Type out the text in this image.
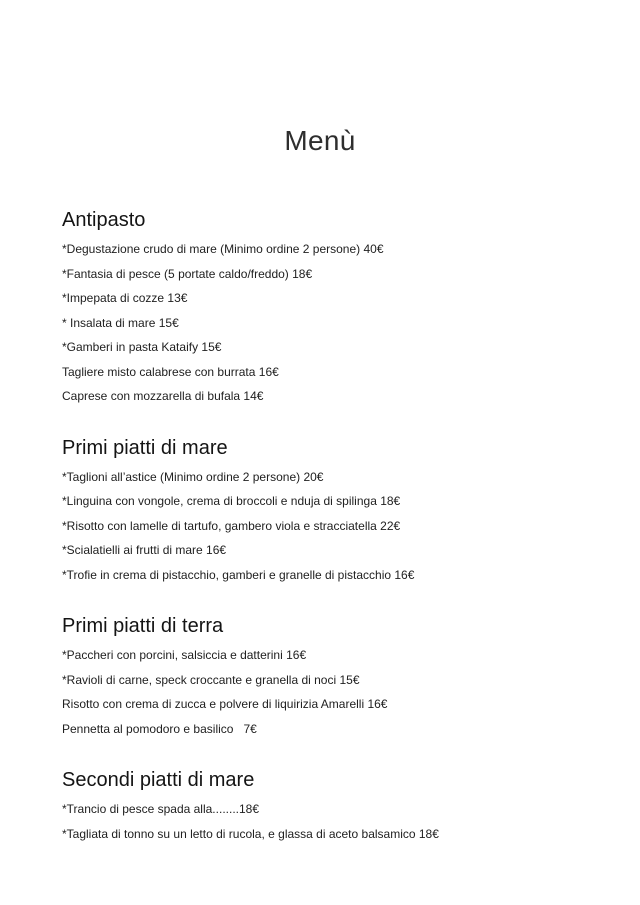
Menù
Antipasto

*Degustazione crudo di mare (Minimo ordine 2 persone) 40€

*Fantasia di pesce (5 portate caldo/freddo) 18€

*Impepata di cozze 13€

* Insalata di mare 15€

*Gamberi in pasta Kataify 15€

Tagliere misto calabrese con burrata 16€

Caprese con mozzarella di bufala 14€

Primi piatti di mare

*Taglioni all’astice (Minimo ordine 2 persone) 20€

*Linguina con vongole, crema di broccoli e nduja di spilinga 18€

*Risotto con lamelle di tartufo, gambero viola e stracciatella 22€

*Scialatielli ai frutti di mare 16€

*Trofie in crema di pistacchio, gamberi e granelle di pistacchio 16€

Primi piatti di terra

*Paccheri con porcini, salsiccia e datterini 16€

*Ravioli di carne, speck croccante e granella di noci 15€

Risotto con crema di zucca e polvere di liquirizia Amarelli 16€

Pennetta al pomodoro e basilico   7€

Secondi piatti di mare

*Trancio di pesce spada alla........18€

*Tagliata di tonno su un letto di rucola, e glassa di aceto balsamico 18€
